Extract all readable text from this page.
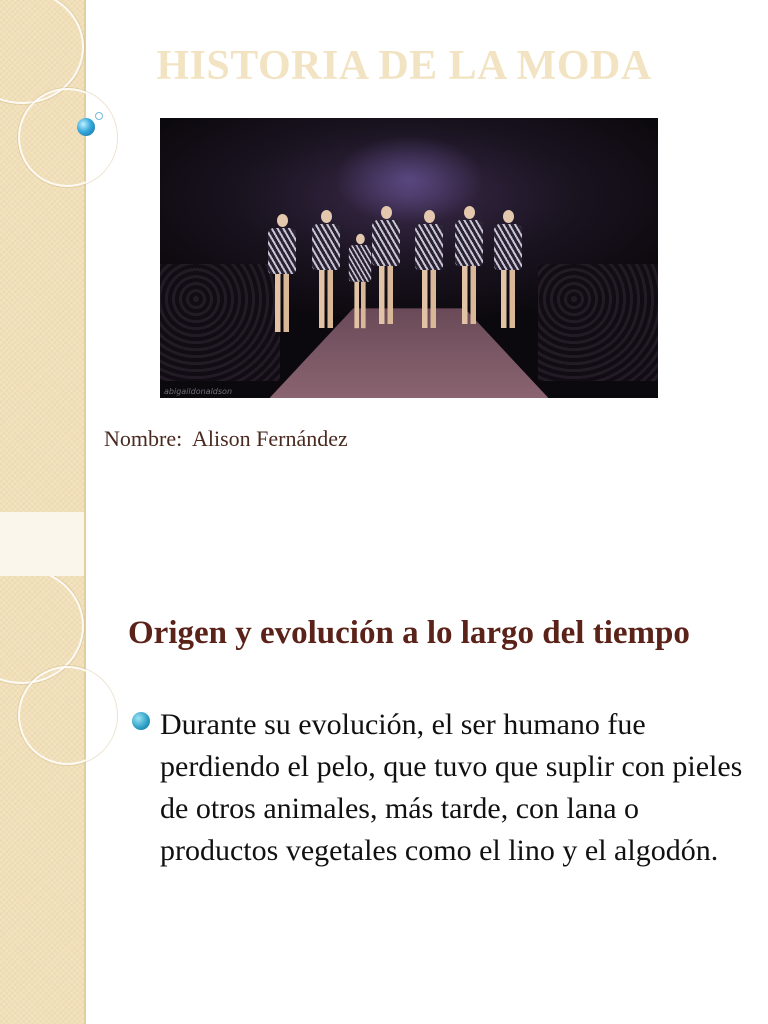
HISTORIA DE LA MODA
abigaildonaldson
Nombre:  Alison Fernández
Origen y evolución a lo largo del tiempo

Durante su evolución, el ser humano fue perdiendo el pelo, que tuvo que suplir con pieles de otros animales, más tarde, con lana o productos vegetales como el lino y el algodón.
